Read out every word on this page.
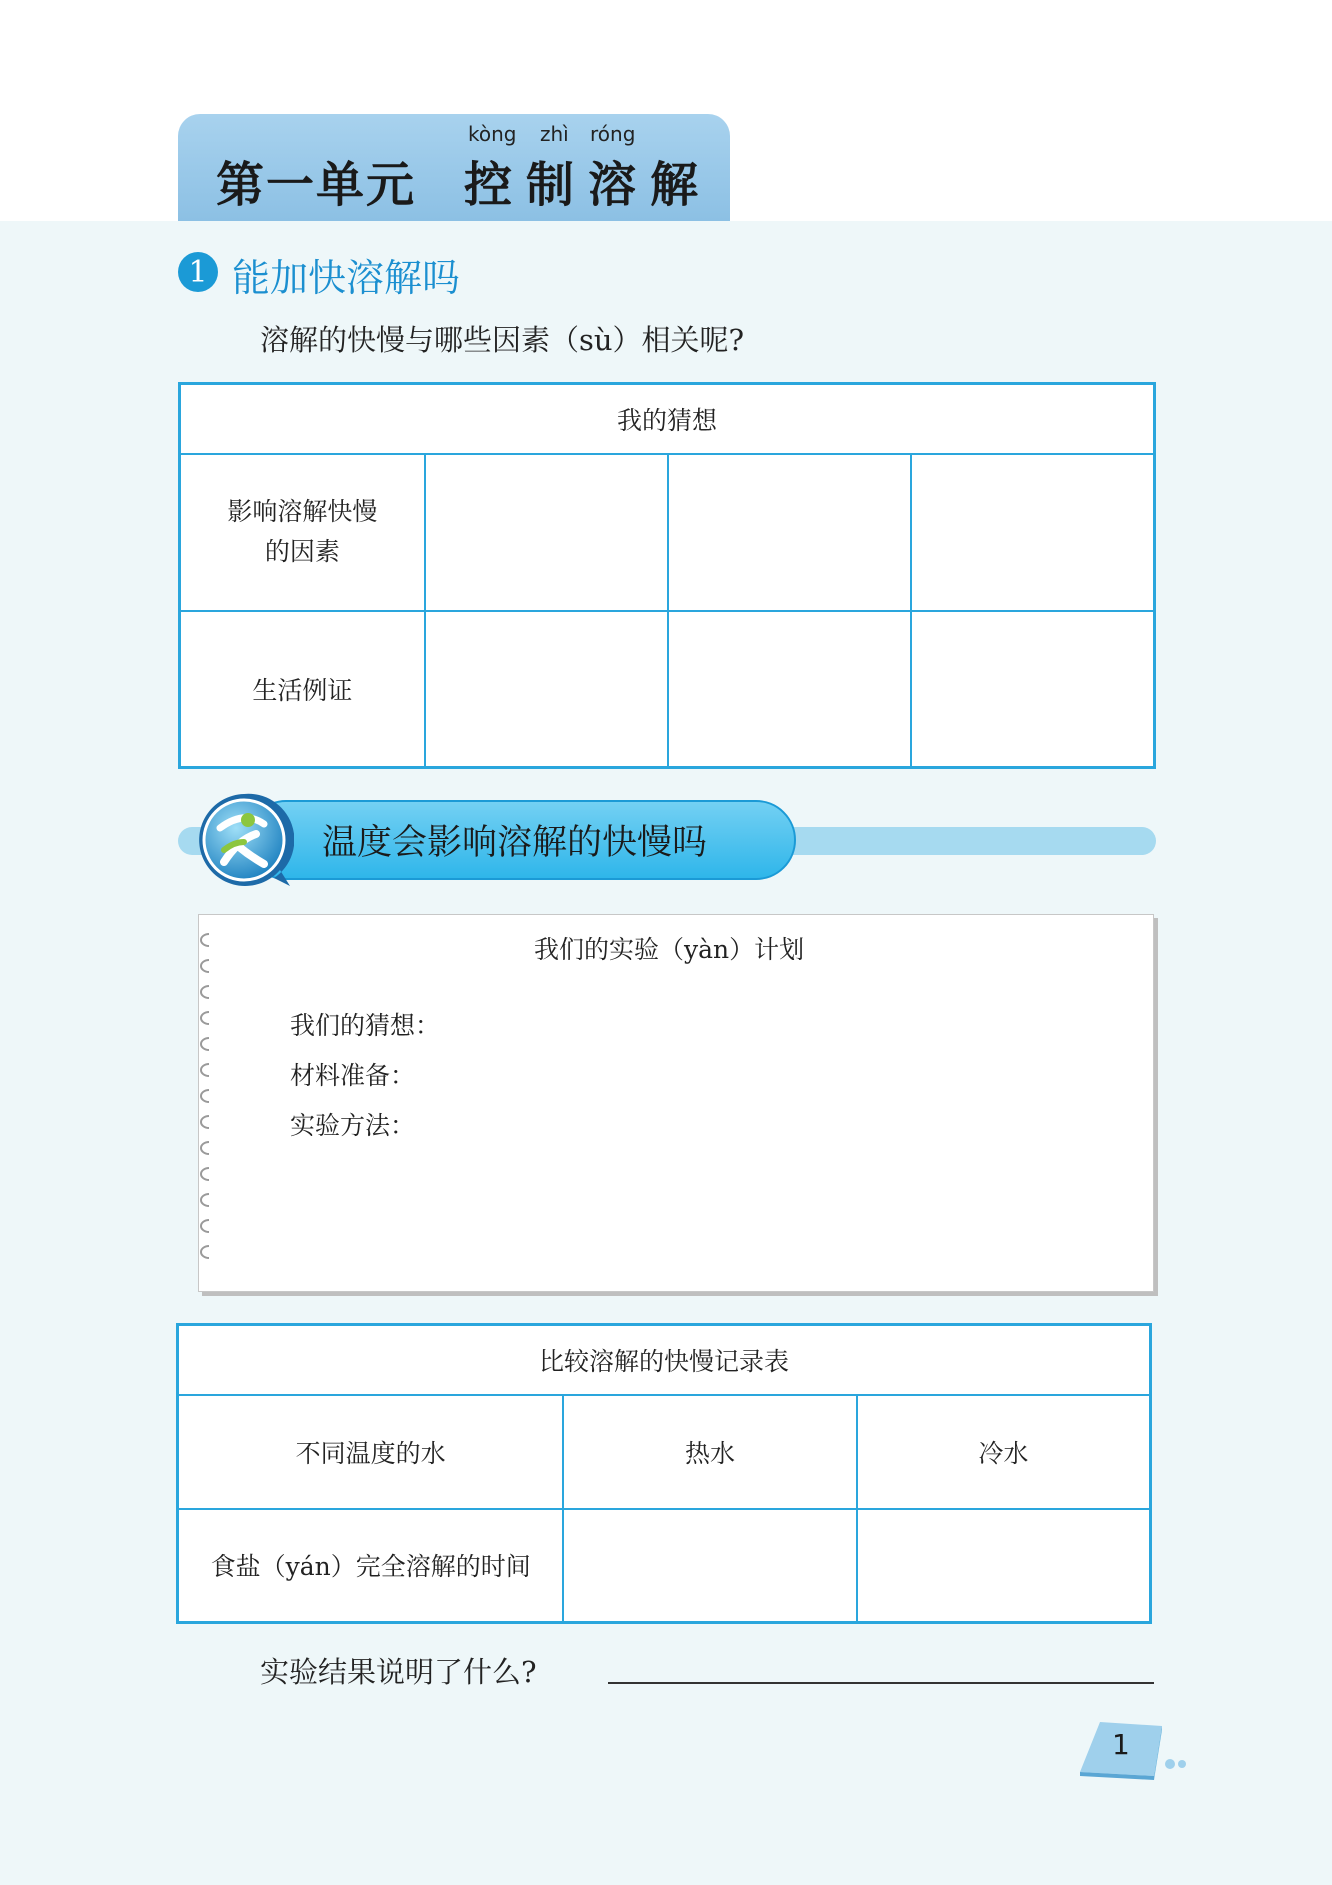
kòng zhì róng
第一单元 控制溶解
1 能加快溶解吗
溶解的快慢与哪些因素（sù）相关呢?
我的猜想			

影响溶解快慢的因素			

生活例证			
温度会影响溶解的快慢吗
我们的实验（yàn）计划
我们的猜想：
材料准备：
实验方法：
比较溶解的快慢记录表		
不同温度的水	热水	冷水
食盐（yán）完全溶解的时间		
实验结果说明了什么?
1
